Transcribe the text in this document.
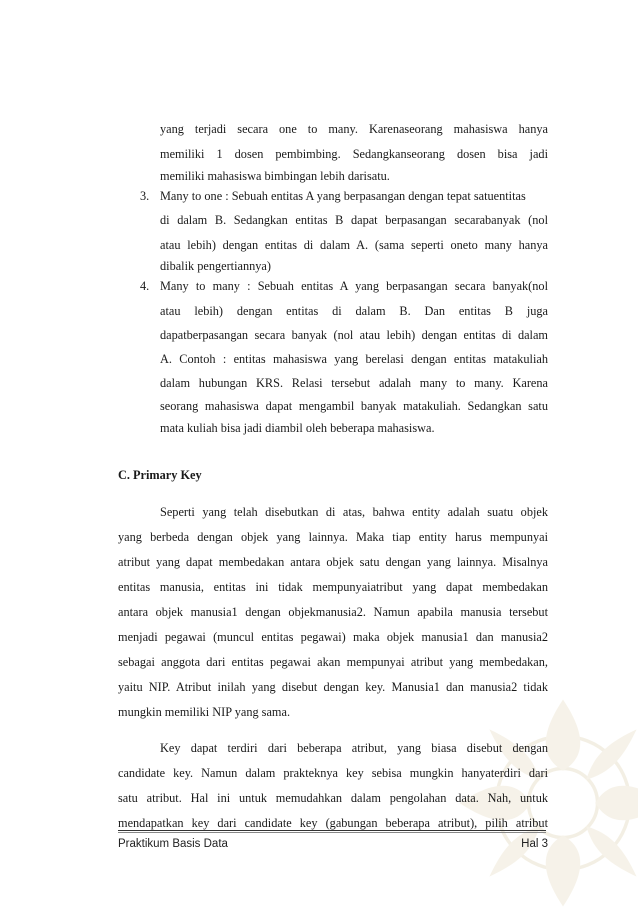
yang terjadi secara one to many. Karenaseorang mahasiswa hanya
memiliki 1 dosen pembimbing. Sedangkanseorang dosen bisa jadi
memiliki mahasiswa bimbingan lebih darisatu.
3. Many to one : Sebuah entitas A yang berpasangan dengan tepat satuentitas
di dalam B. Sedangkan entitas B dapat berpasangan secarabanyak (nol
atau lebih) dengan entitas di dalam A. (sama seperti oneto many hanya
dibalik pengertiannya)
4. Many to many : Sebuah entitas A yang berpasangan secara banyak(nol
atau lebih) dengan entitas di dalam B. Dan entitas B juga
dapatberpasangan secara banyak (nol atau lebih) dengan entitas di dalam
A. Contoh : entitas mahasiswa yang berelasi dengan entitas matakuliah
dalam hubungan KRS. Relasi tersebut adalah many to many. Karena
seorang mahasiswa dapat mengambil banyak matakuliah. Sedangkan satu
mata kuliah bisa jadi diambil oleh beberapa mahasiswa.
C. Primary Key
Seperti yang telah disebutkan di atas, bahwa entity adalah suatu objek
yang berbeda dengan objek yang lainnya. Maka tiap entity harus mempunyai
atribut yang dapat membedakan antara objek satu dengan yang lainnya. Misalnya
entitas manusia, entitas ini tidak mempunyaiatribut yang dapat membedakan
antara objek manusia1 dengan objekmanusia2. Namun apabila manusia tersebut
menjadi pegawai (muncul entitas pegawai) maka objek manusia1 dan manusia2
sebagai anggota dari entitas pegawai akan mempunyai atribut yang membedakan,
yaitu NIP. Atribut inilah yang disebut dengan key. Manusia1 dan manusia2 tidak
mungkin memiliki NIP yang sama.
Key dapat terdiri dari beberapa atribut, yang biasa disebut dengan
candidate key. Namun dalam prakteknya key sebisa mungkin hanyaterdiri dari
satu atribut. Hal ini untuk memudahkan dalam pengolahan data. Nah, untuk
mendapatkan key dari candidate key (gabungan beberapa atribut), pilih atribut
Praktikum Basis Data	Hal 3
